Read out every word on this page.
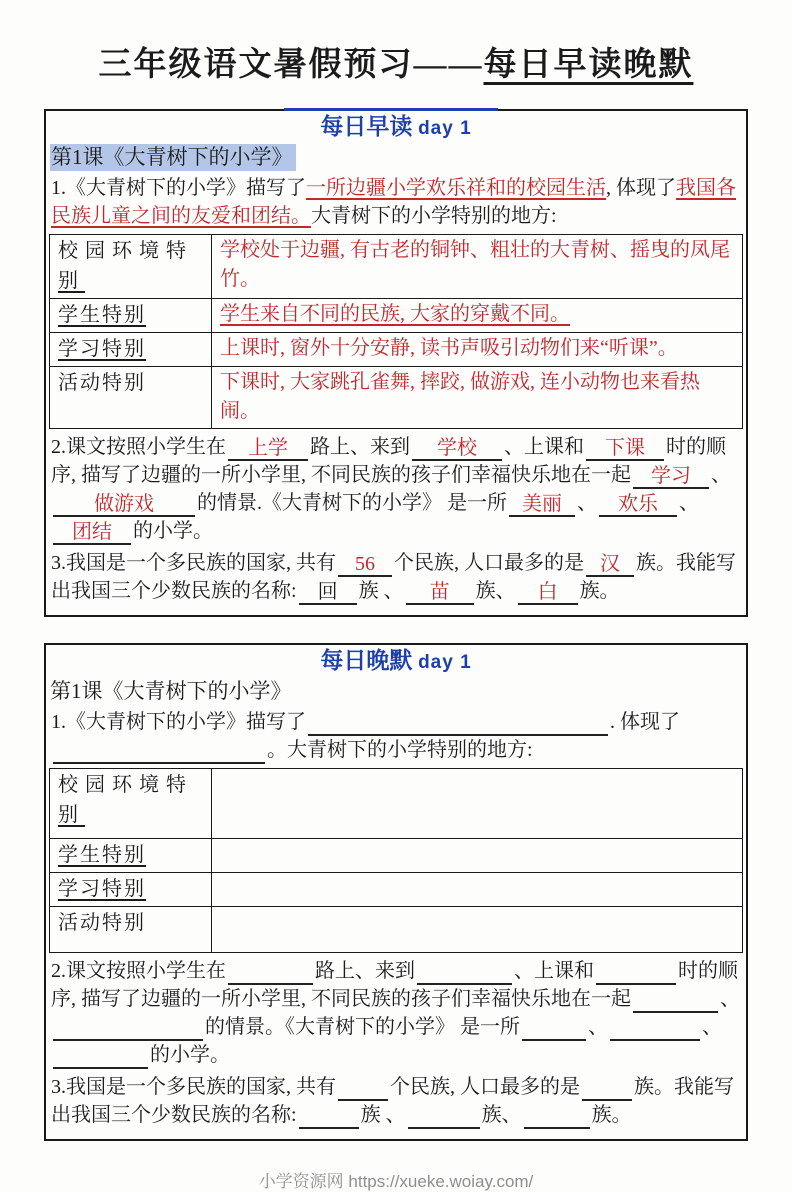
三年级语文暑假预习——每日早读晚默
每日早读 day 1
第1课《大青树下的小学》

1.《大青树下的小学》描写了一所边疆小学欢乐祥和的校园生活, 体现了我国各民族儿童之间的友爱和团结。大青树下的小学特别的地方:

校园环境特别	学校处于边疆, 有古老的铜钟、粗壮的大青树、摇曳的凤尾竹。
学生特别	学生来自不同的民族, 大家的穿戴不同。
学习特别	上课时, 窗外十分安静, 读书声吸引动物们来“听课”。
活动特别	下课时, 大家跳孔雀舞, 摔跤, 做游戏, 连小动物也来看热闹。

2.课文按照小学生在 上学 路上、来到 学校 、上课和 下课 时的顺序, 描写了边疆的一所小学里, 不同民族的孩子们幸福快乐地在一起 学习 、做游戏 的情景.《大青树下的小学》 是一所 美丽 、 欢乐 、团结 的小学。

3.我国是一个多民族的国家, 共有 56 个民族, 人口最多的是 汉 族。我能写出我国三个少数民族的名称: 回 族 、 苗 族、 白 族。

每日晚默 day 1
第1课《大青树下的小学》

1.《大青树下的小学》描写了	. 体现了。大青树下的小学特别的地方:

校园环境特别	
学生特别	
学习特别	
活动特别	

2.课文按照小学生在	路上、来到	、上课和	时的顺序, 描写了边疆的一所小学里, 不同民族的孩子们幸福快乐地在一起	、的情景。《大青树下的小学》 是一所	、	、的小学。

3.我国是一个多民族的国家, 共有	个民族, 人口最多的是	族。我能写出我国三个少数民族的名称:	族 、	族、	族。

小学资源网 https://xueke.woiay.com/
